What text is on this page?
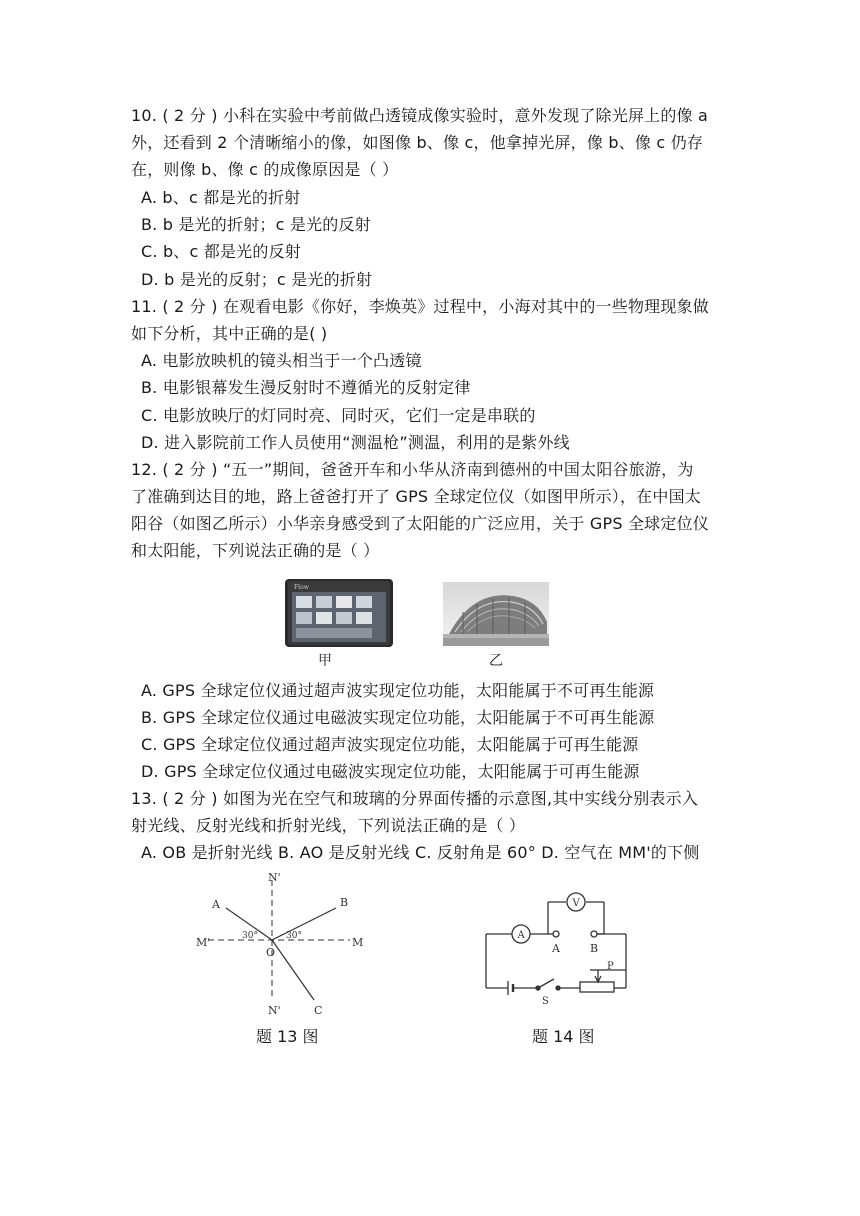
10. ( 2 分 ) 小科在实验中考前做凸透镜成像实验时，意外发现了除光屏上的像 a
外，还看到 2 个清晰缩小的像，如图像 b、像 c，他拿掉光屏，像 b、像 c 仍存
在，则像 b、像 c 的成像原因是（ ）
A. b、c 都是光的折射
B. b 是光的折射；c 是光的反射
C. b、c 都是光的反射
D. b 是光的反射；c 是光的折射
11. ( 2 分 ) 在观看电影《你好，李焕英》过程中，小海对其中的一些物理现象做
如下分析，其中正确的是( )
A. 电影放映机的镜头相当于一个凸透镜
B. 电影银幕发生漫反射时不遵循光的反射定律
C. 电影放映厅的灯同时亮、同时灭，它们一定是串联的
D. 进入影院前工作人员使用“测温枪”测温，利用的是紫外线
12. ( 2 分 ) “五一”期间，爸爸开车和小华从济南到德州的中国太阳谷旅游，为
了准确到达目的地，路上爸爸打开了 GPS 全球定位仪（如图甲所示），在中国太
阳谷（如图乙所示）小华亲身感受到了太阳能的广泛应用，关于 GPS 全球定位仪
和太阳能，下列说法正确的是（ ）
Flow
甲	乙
A. GPS 全球定位仪通过超声波实现定位功能，太阳能属于不可再生能源
B. GPS 全球定位仪通过电磁波实现定位功能，太阳能属于不可再生能源
C. GPS 全球定位仪通过超声波实现定位功能，太阳能属于可再生能源
D. GPS 全球定位仪通过电磁波实现定位功能，太阳能属于可再生能源
13. ( 2 分 ) 如图为光在空气和玻璃的分界面传播的示意图,其中实线分别表示入
射光线、反射光线和折射光线，下列说法正确的是（ ）
A. OB 是折射光线 B. AO 是反射光线 C. 反射角是 60° D. 空气在 MM'的下侧
N'
N'
A	B
C
M'	M
O
30°	30°
题 13 图
V
A
A	B
S
P
题 14 图
